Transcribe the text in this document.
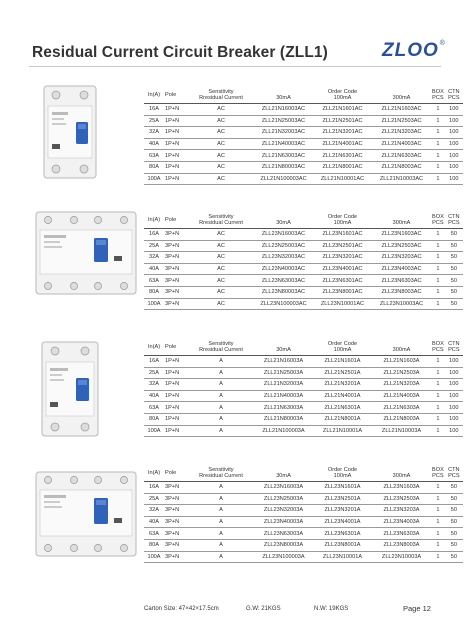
Residual Current Circuit Breaker (ZLL1)	ZLOO®
In(A)	Pole	Sensitivity		Order Code		BOX	CTN
		Rresidual Current	30mA	100mA	300mA	PCS	PCS
16A	1P+N	AC	ZLL21N16003AC	ZLL21N1601AC	ZLL21N1603AC	1	100
25A	1P+N	AC	ZLL21N25003AC	ZLL21N2501AC	ZLL21N2503AC	1	100
32A	1P+N	AC	ZLL21N32003AC	ZLL21N3201AC	ZLL21N3203AC	1	100
40A	1P+N	AC	ZLL21N40003AC	ZLL21N4001AC	ZLL21N4003AC	1	100
63A	1P+N	AC	ZLL21N63003AC	ZLL21N6301AC	ZLL21N6303AC	1	100
80A	1P+N	AC	ZLL21N80003AC	ZLL21N8001AC	ZLL21N8003AC	1	100
100A	1P+N	AC	ZLL21N100003AC	ZLL21N10001AC	ZLL21N10003AC	1	100
In(A)	Pole	Sensitivity		Order Code		BOX	CTN
		Rresidual Current	30mA	100mA	300mA	PCS	PCS
16A	3P+N	AC	ZLL23N16003AC	ZLL23N1601AC	ZLL23N1603AC	1	50
25A	3P+N	AC	ZLL23N25003AC	ZLL23N2501AC	ZLL23N2503AC	1	50
32A	3P+N	AC	ZLL23N32003AC	ZLL23N3201AC	ZLL23N3203AC	1	50
40A	3P+N	AC	ZLL23N40003AC	ZLL23N4001AC	ZLL23N4003AC	1	50
63A	3P+N	AC	ZLL23N63003AC	ZLL23N6301AC	ZLL23N6303AC	1	50
80A	3P+N	AC	ZLL23N80003AC	ZLL23N8001AC	ZLL23N8003AC	1	50
100A	3P+N	AC	ZLL23N100003AC	ZLL23N10001AC	ZLL23N10003AC	1	50
In(A)	Pole	Sensitivity		Order Code		BOX	CTN
		Rresidual Current	30mA	100mA	300mA	PCS	PCS
16A	1P+N	A	ZLL21N16003A	ZLL21N1601A	ZLL21N1603A	1	100
25A	1P+N	A	ZLL21N25003A	ZLL21N2501A	ZLL21N2503A	1	100
32A	1P+N	A	ZLL21N32003A	ZLL21N3201A	ZLL21N3203A	1	100
40A	1P+N	A	ZLL21N40003A	ZLL21N4001A	ZLL21N4003A	1	100
63A	1P+N	A	ZLL21N63003A	ZLL21N6301A	ZLL21N6303A	1	100
80A	1P+N	A	ZLL21N80003A	ZLL21N8001A	ZLL21N8003A	1	100
100A	1P+N	A	ZLL21N100003A	ZLL21N10001A	ZLL21N10003A	1	100
In(A)	Pole	Sensitivity		Order Code		BOX	CTN
		Rresidual Current	30mA	100mA	300mA	PCS	PCS
16A	3P+N	A	ZLL23N16003A	ZLL23N1601A	ZLL23N1603A	1	50
25A	3P+N	A	ZLL23N25003A	ZLL23N2501A	ZLL23N2503A	1	50
32A	3P+N	A	ZLL23N32003A	ZLL23N3201A	ZLL23N3203A	1	50
40A	3P+N	A	ZLL23N40003A	ZLL23N4001A	ZLL23N4003A	1	50
63A	3P+N	A	ZLL23N63003A	ZLL23N6301A	ZLL23N6303A	1	50
80A	3P+N	A	ZLL23N80003A	ZLL23N8001A	ZLL23N8003A	1	50
100A	3P+N	A	ZLL23N100003A	ZLL23N10001A	ZLL23N10003A	1	50
Carton Size: 47×42×17.5cm	G.W: 21KGS	N.W: 19KGS	Page 12
